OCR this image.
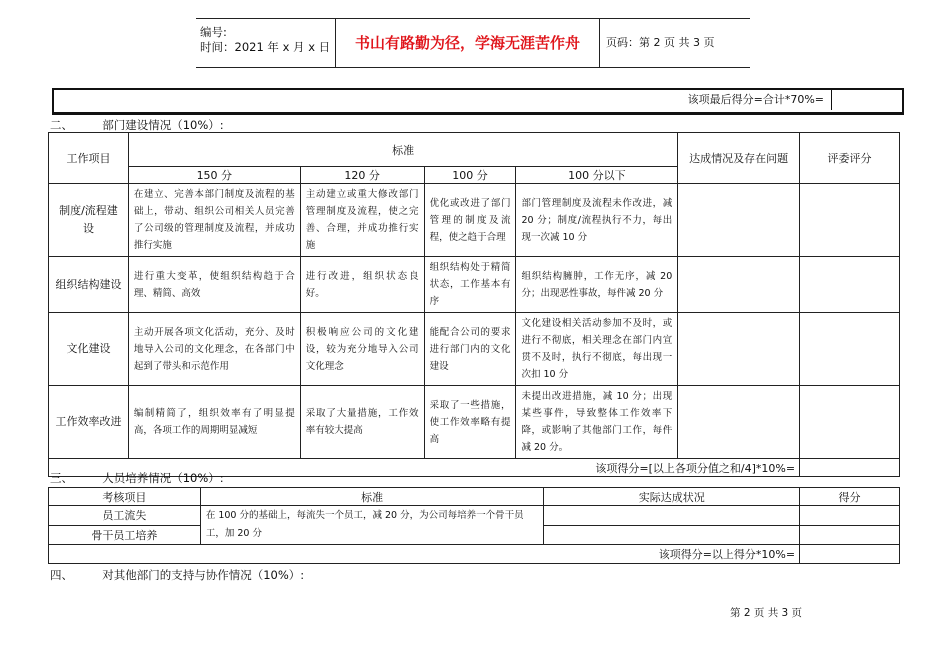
编号:
时间：2021 年 x 月 x 日	书山有路勤为径，学海无涯苦作舟	页码：第 2 页 共 3 页
该项最后得分=合计*70%=
二、        部门建设情况（10%）:
工作项目	标准				达成情况及存在问题	评委评分
	150 分	120 分	100 分	100 分以下		
制度/流程建设	在建立、完善本部门制度及流程的基础上，带动、组织公司相关人员完善了公司级的管理制度及流程，并成功推行实施	主动建立或重大修改部门管理制度及流程，使之完善、合理，并成功推行实施	优化或改进了部门管理的制度及流程，使之趋于合理	部门管理制度及流程未作改进，减 20 分；制度/流程执行不力，每出现一次减 10 分		
组织结构建设	进行重大变革，使组织结构趋于合理、精简、高效	进行改进，组织状态良好。	组织结构处于精简状态，工作基本有序	组织结构臃肿，工作无序，减 20 分；出现恶性事故，每件减 20 分		
文化建设	主动开展各项文化活动，充分、及时地导入公司的文化理念，在各部门中起到了带头和示范作用	积极响应公司的文化建设，较为充分地导入公司文化理念	能配合公司的要求进行部门内的文化建设	文化建设相关活动参加不及时，或进行不彻底，相关理念在部门内宣贯不及时，执行不彻底，每出现一次扣 10 分		
工作效率改进	编制精简了，组织效率有了明显提高，各项工作的周期明显减短	采取了大量措施，工作效率有较大提高	采取了一些措施，使工作效率略有提高	未提出改进措施，减 10 分；出现某些事件，导致整体工作效率下降，或影响了其他部门工作，每件减 20 分。		
该项得分=[以上各项分值之和/4]*10%=						
三、        人员培养情况（10%）:
考核项目	标准	实际达成状况	得分
员工流失	在 100 分的基础上，每流失一个员工，减 20 分，为公司每培养一个骨干员工，加 20 分		
骨干员工培养			
该项得分=以上得分*10%=			
四、        对其他部门的支持与协作情况（10%）:
第 2 页 共 3 页
